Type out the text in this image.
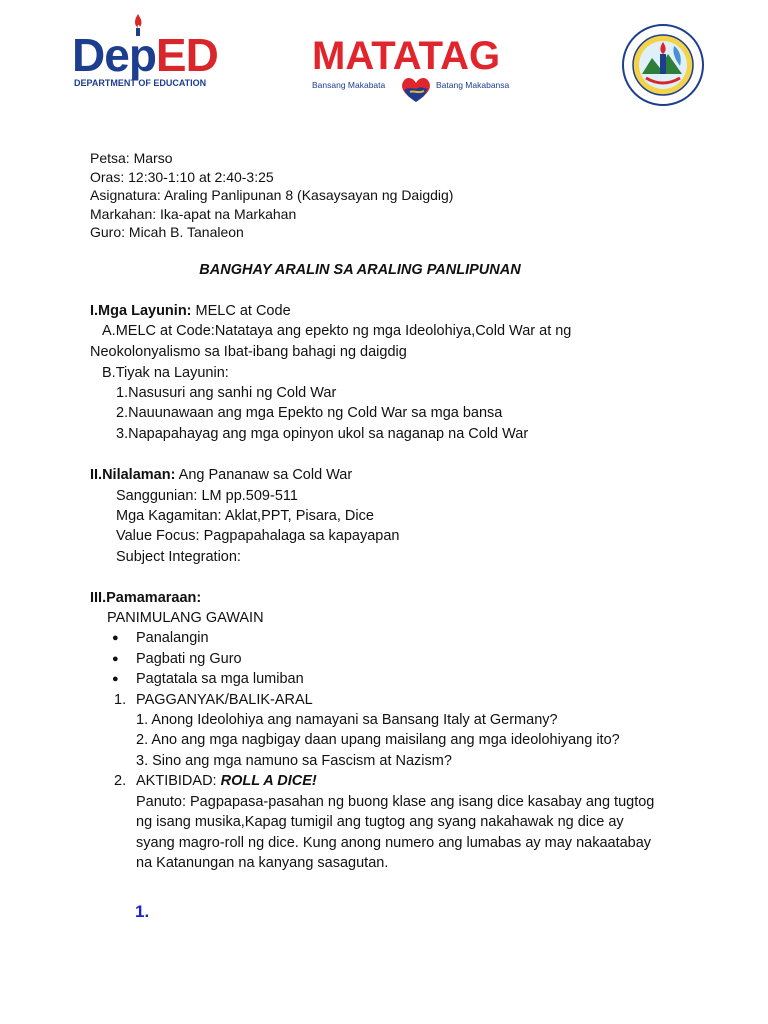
DepED
DEPARTMENT OF EDUCATION
MATATAG
Bansang Makabata	Batang Makabansa
Petsa: Marso
Oras: 12:30-1:10 at 2:40-3:25
Asignatura: Araling Panlipunan 8 (Kasaysayan ng Daigdig)
Markahan: Ika-apat na Markahan
Guro: Micah B. Tanaleon
BANGHAY ARALIN SA ARALING PANLIPUNAN
I.Mga Layunin: MELC at Code
A.MELC at Code:Natataya ang epekto ng mga Ideolohiya,Cold War at ng
Neokolonyalismo sa Ibat-ibang bahagi ng daigdig
B.Tiyak na Layunin:
1.Nasusuri ang sanhi ng Cold War
2.Nauunawaan ang mga Epekto ng Cold War sa mga bansa
3.Napapahayag ang mga opinyon ukol sa naganap na Cold War
II.Nilalaman: Ang Pananaw sa Cold War
Sanggunian: LM pp.509-511
Mga Kagamitan: Aklat,PPT, Pisara, Dice
Value Focus: Pagpapahalaga sa kapayapan
Subject Integration:
III.Pamamaraan:
PANIMULANG GAWAIN
● Panalangin
● Pagbati ng Guro
● Pagtatala sa mga lumiban
1. PAGGANYAK/BALIK-ARAL
1. Anong Ideolohiya ang namayani sa Bansang Italy at Germany?
2. Ano ang mga nagbigay daan upang maisilang ang mga ideolohiyang ito?
3. Sino ang mga namuno sa Fascism at Nazism?
2. AKTIBIDAD: ROLL A DICE!
Panuto: Pagpapasa-pasahan ng buong klase ang isang dice kasabay ang tugtog
ng isang musika,Kapag tumigil ang tugtog ang syang nakahawak ng dice ay
syang magro-roll ng dice. Kung anong numero ang lumabas ay may nakaatabay
na Katanungan na kanyang sasagutan.
1.
